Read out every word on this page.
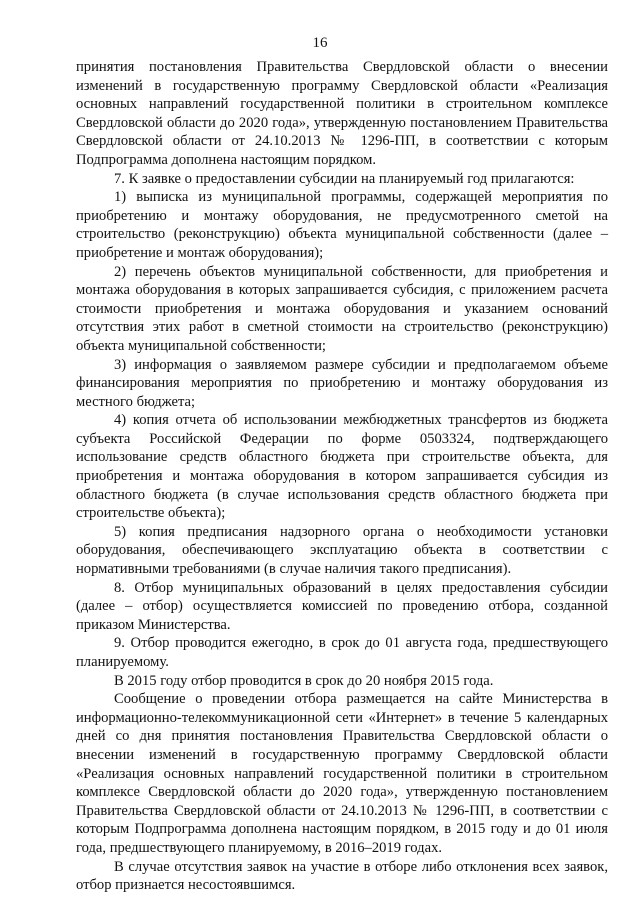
16

принятия постановления Правительства Свердловской области о внесении изменений в государственную программу Свердловской области «Реализация основных направлений государственной политики в строительном комплексе Свердловской области до 2020 года», утвержденную постановлением Правительства Свердловской области от 24.10.2013 № 1296-ПП, в соответствии с которым Подпрограмма дополнена настоящим порядком.

7. К заявке о предоставлении субсидии на планируемый год прилагаются:

1) выписка из муниципальной программы, содержащей мероприятия по приобретению и монтажу оборудования, не предусмотренного сметой на строительство (реконструкцию) объекта муниципальной собственности (далее – приобретение и монтаж оборудования);

2) перечень объектов муниципальной собственности, для приобретения и монтажа оборудования в которых запрашивается субсидия, с приложением расчета стоимости приобретения и монтажа оборудования и указанием оснований отсутствия этих работ в сметной стоимости на строительство (реконструкцию) объекта муниципальной собственности;

3) информация о заявляемом размере субсидии и предполагаемом объеме финансирования мероприятия по приобретению и монтажу оборудования из местного бюджета;

4) копия отчета об использовании межбюджетных трансфертов из бюджета субъекта Российской Федерации по форме 0503324, подтверждающего использование средств областного бюджета при строительстве объекта, для приобретения и монтажа оборудования в котором запрашивается субсидия из областного бюджета (в случае использования средств областного бюджета при строительстве объекта);

5) копия предписания надзорного органа о необходимости установки оборудования, обеспечивающего эксплуатацию объекта в соответствии с нормативными требованиями (в случае наличия такого предписания).

8. Отбор муниципальных образований в целях предоставления субсидии (далее – отбор) осуществляется комиссией по проведению отбора, созданной приказом Министерства.

9. Отбор проводится ежегодно, в срок до 01 августа года, предшествующего планируемому.

В 2015 году отбор проводится в срок до 20 ноября 2015 года.

Сообщение о проведении отбора размещается на сайте Министерства в информационно-телекоммуникационной сети «Интернет» в течение 5 календарных дней со дня принятия постановления Правительства Свердловской области о внесении изменений в государственную программу Свердловской области «Реализация основных направлений государственной политики в строительном комплексе Свердловской области до 2020 года», утвержденную постановлением Правительства Свердловской области от 24.10.2013 № 1296-ПП, в соответствии с которым Подпрограмма дополнена настоящим порядком, в 2015 году и до 01 июля года, предшествующего планируемому, в 2016–2019 годах.

В случае отсутствия заявок на участие в отборе либо отклонения всех заявок, отбор признается несостоявшимся.
